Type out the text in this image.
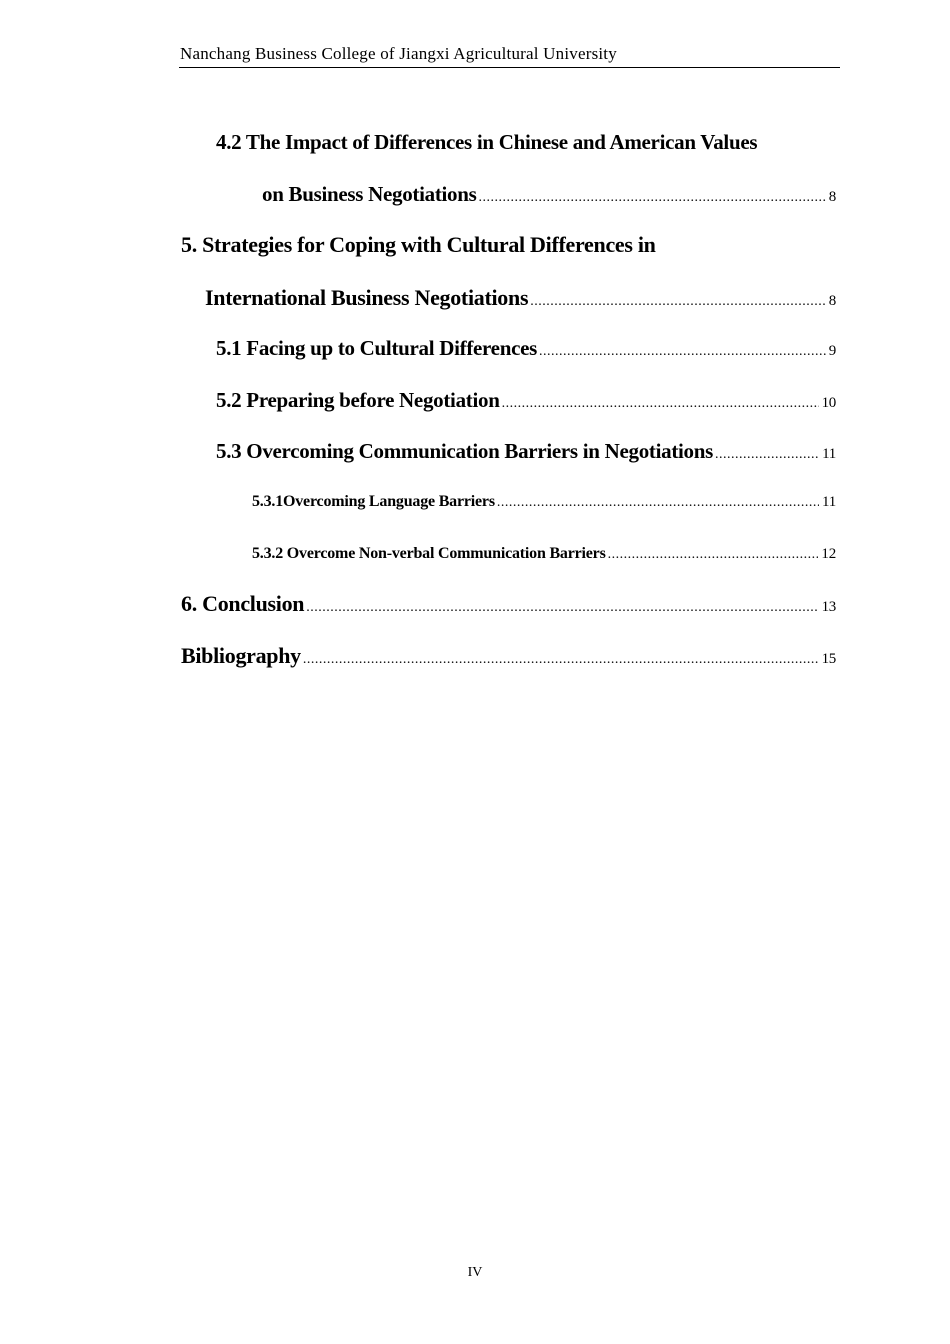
Nanchang Business College of Jiangxi Agricultural University
4.2 The Impact of Differences in Chinese and American Values
on Business Negotiations .....	8
5. Strategies for Coping with Cultural Differences in
International Business Negotiations .....	8
5.1 Facing up to Cultural Differences .....	9
5.2 Preparing before Negotiation .....	10
5.3 Overcoming Communication Barriers in Negotiations .....	11
5.3.1Overcoming Language Barriers .....	11
5.3.2 Overcome Non-verbal Communication Barriers .....	12
6. Conclusion .....	13
Bibliography .....	15
IV
